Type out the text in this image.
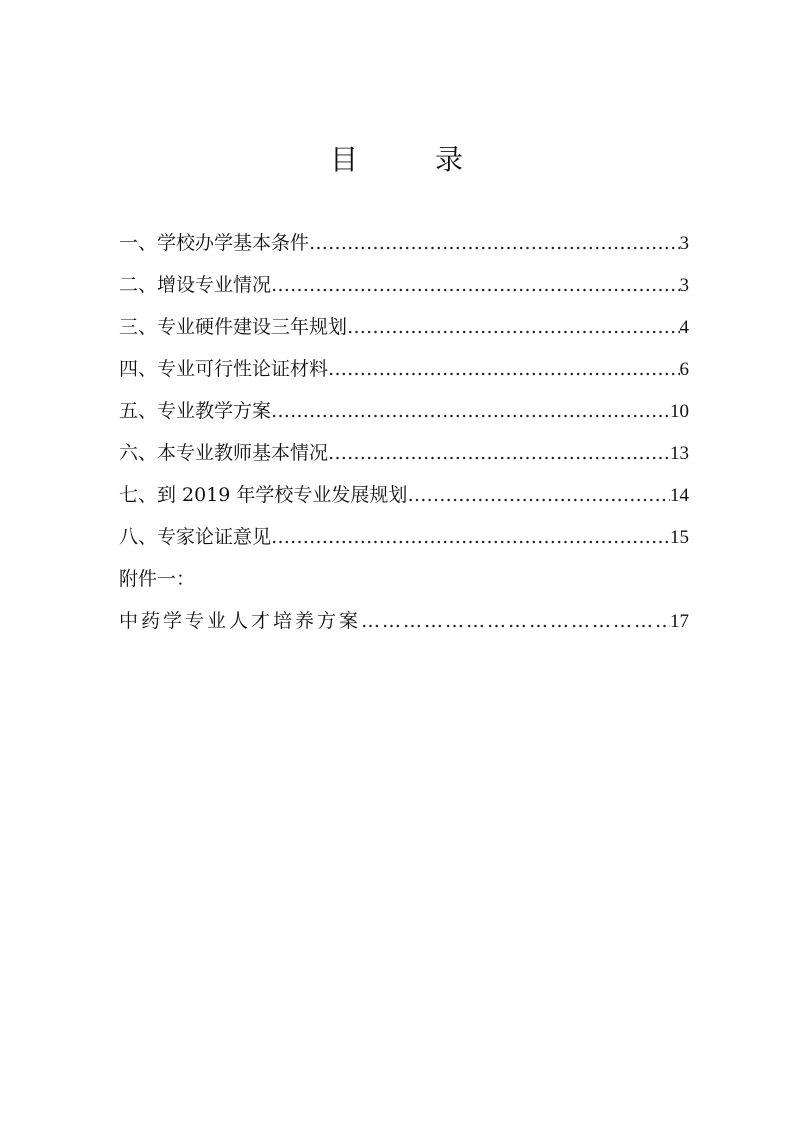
目 录
一、学校办学基本条件 ……………………………………………………………………………………………………………………………………………	3
二、增设专业情况 ……………………………………………………………………………………………………………………………………………	3
三、专业硬件建设三年规划 ……………………………………………………………………………………………………………………………………………	4
四、专业可行性论证材料 ……………………………………………………………………………………………………………………………………………	6
五、专业教学方案 ……………………………………………………………………………………………………………………………………………	10
六、本专业教师基本情况 ……………………………………………………………………………………………………………………………………………	13
七、到 2019 年学校专业发展规划 ……………………………………………………………………………………………………………………………………………	14
八、专家论证意见 ……………………………………………………………………………………………………………………………………………	15
附件一：
中药学专业人才培养方案 ……………………………………………………………………………………………………………………………………………	17
